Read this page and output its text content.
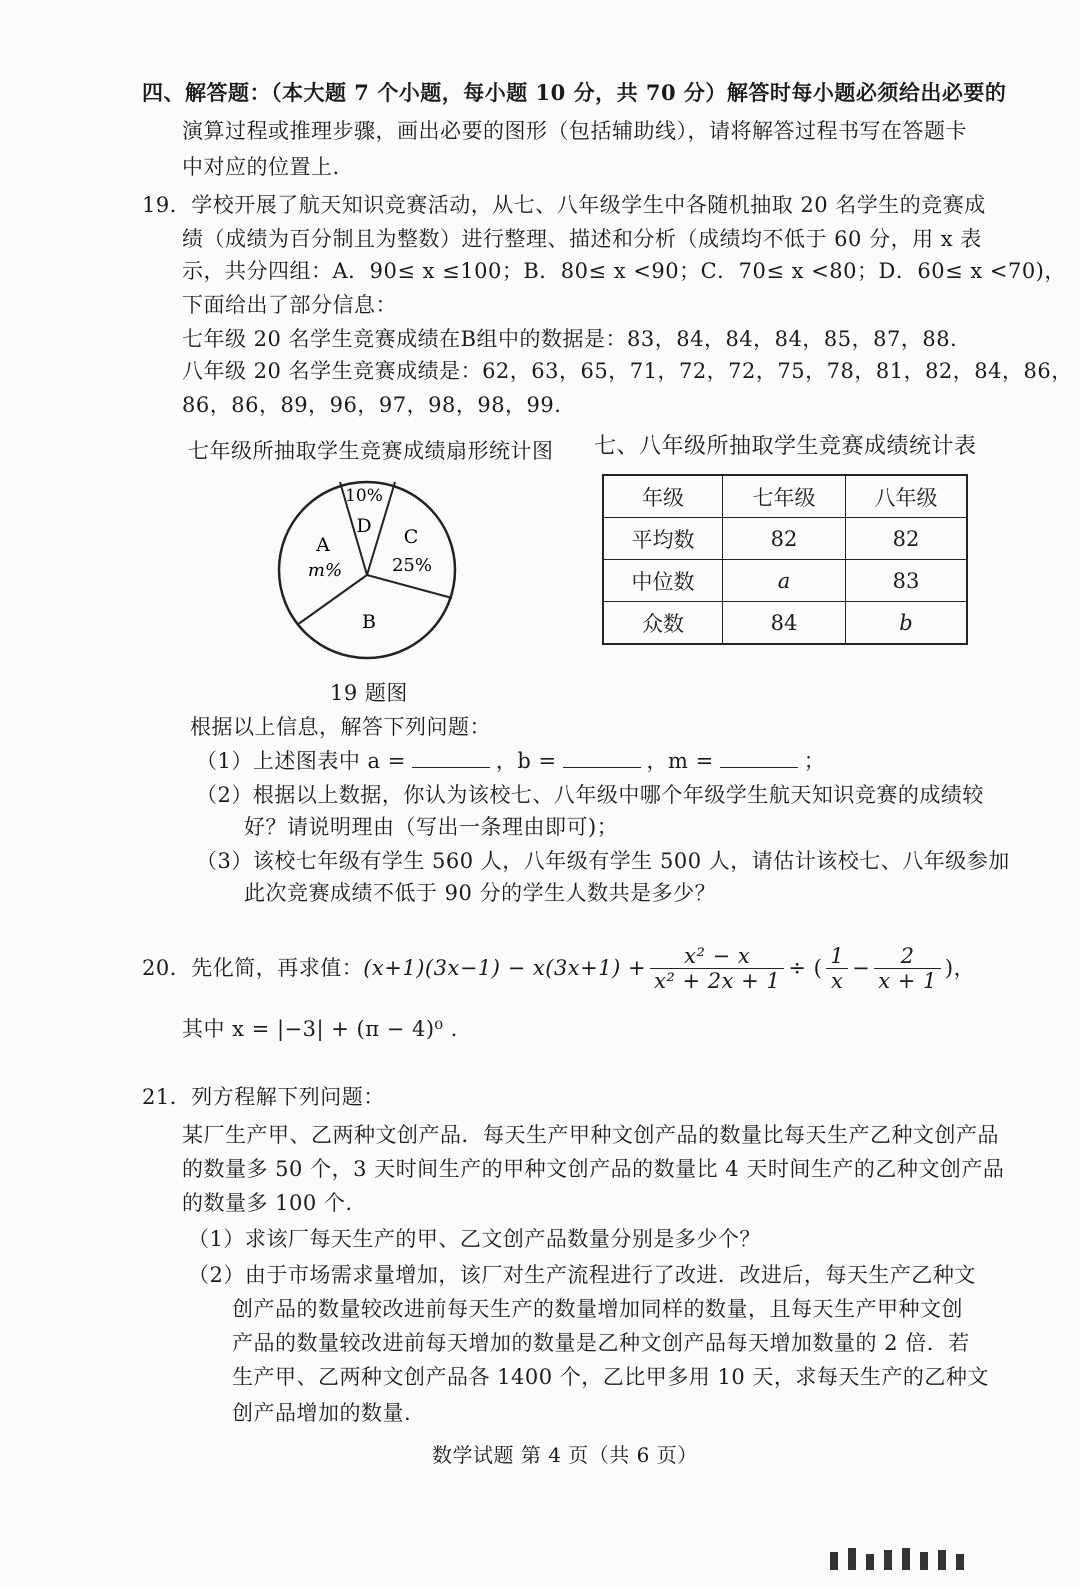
四、解答题：（本大题 7 个小题，每小题 10 分，共 70 分）解答时每小题必须给出必要的
演算过程或推理步骤，画出必要的图形（包括辅助线），请将解答过程书写在答题卡
中对应的位置上.
19．学校开展了航天知识竞赛活动，从七、八年级学生中各随机抽取 20 名学生的竞赛成
绩（成绩为百分制且为整数）进行整理、描述和分析（成绩均不低于 60 分，用 x 表
示，共分四组：A．90≤ x ≤100；B．80≤ x <90；C．70≤ x <80；D．60≤ x <70)，
下面给出了部分信息：
七年级 20 名学生竞赛成绩在B组中的数据是：83，84，84，84，85，87，88.
八年级 20 名学生竞赛成绩是：62，63，65，71，72，72，75，78，81，82，84，86，
86，86，89，96，97，98，98，99.
七年级所抽取学生竞赛成绩扇形统计图 七、八年级所抽取学生竞赛成绩统计表
10%
D C
25%
A
m%
B
19 题图
年级	七年级	八年级
平均数	82	82
中位数	a	83
众数	84	b
根据以上信息，解答下列问题：
（1）上述图表中 a =	，b =	，m =	；
（2）根据以上数据，你认为该校七、八年级中哪个年级学生航天知识竞赛的成绩较
好？请说明理由（写出一条理由即可)；
（3）该校七年级有学生 560 人，八年级有学生 500 人，请估计该校七、八年级参加
此次竞赛成绩不低于 90 分的学生人数共是多少？
20．先化简，再求值： $(x+1)(3x-1) - x(3x+1) + \frac{\text{x² − x}}{\text{x² + 2x + 1}}$ ÷ ( $\frac{1}{x} - \frac{2}{x + 1}$ )，
其中 x = |−3| + (π − 4)⁰ .
21．列方程解下列问题：
某厂生产甲、乙两种文创产品．每天生产甲种文创产品的数量比每天生产乙种文创产品
的数量多 50 个，3 天时间生产的甲种文创产品的数量比 4 天时间生产的乙种文创产品
的数量多 100 个.
（1）求该厂每天生产的甲、乙文创产品数量分别是多少个？
（2）由于市场需求量增加，该厂对生产流程进行了改进．改进后，每天生产乙种文
创产品的数量较改进前每天生产的数量增加同样的数量，且每天生产甲种文创
产品的数量较改进前每天增加的数量是乙种文创产品每天增加数量的 2 倍．若
生产甲、乙两种文创产品各 1400 个，乙比甲多用 10 天，求每天生产的乙种文
创产品增加的数量.
数学试题 第 4 页（共 6 页）
